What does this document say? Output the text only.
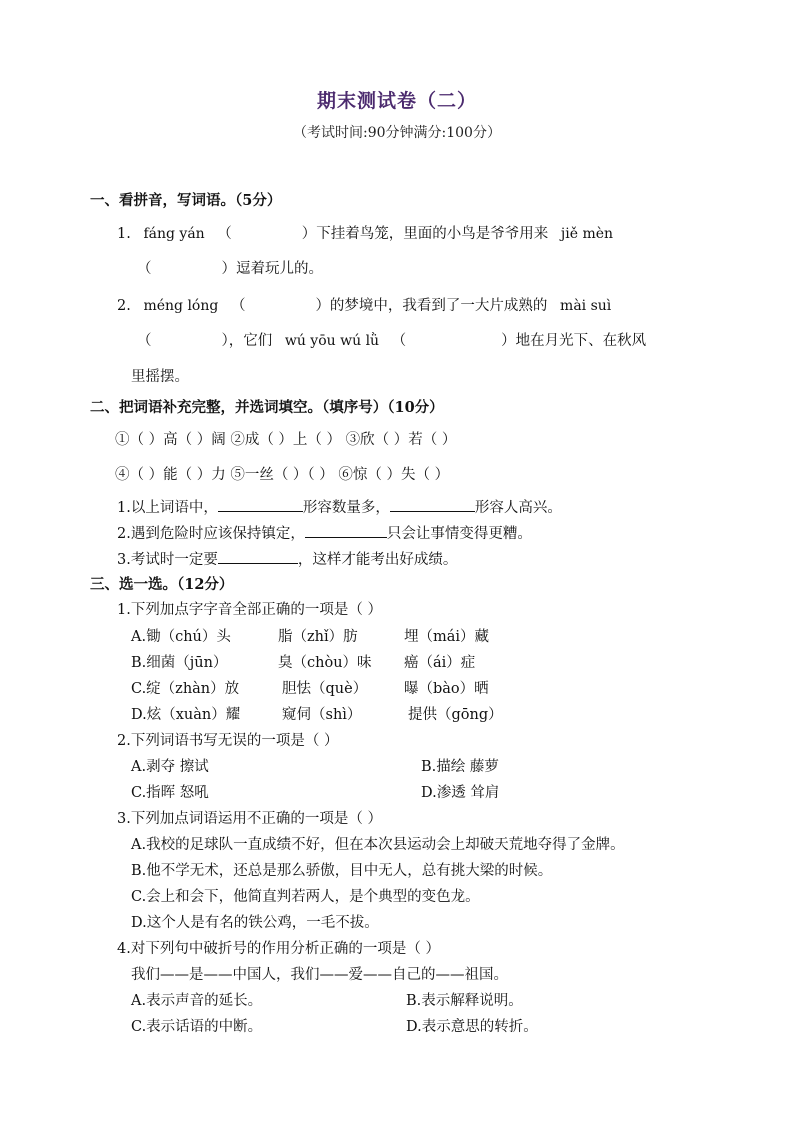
期末测试卷（二）
（考试时间:90分钟满分:100分）
一、看拼音，写词语。（5分）
1. fáng yán （	）下挂着鸟笼，里面的小鸟是爷爷用来 jiě mèn
（	）逗着玩儿的。
2. méng lóng （	）的梦境中，我看到了一大片成熟的 mài suì
（	），它们 wú yōu wú lǜ （	）地在月光下、在秋风
里摇摆。
二、把词语补充完整，并选词填空。（填序号）（10分）
①（ ）高（ ）阔 ②成（ ）上（ ） ③欣（ ）若（ ）
④（ ）能（ ）力 ⑤一丝（ ）（ ） ⑥惊（ ）失（ ）
1.以上词语中，	形容数量多，	形容人高兴。
2.遇到危险时应该保持镇定，	只会让事情变得更糟。
3.考试时一定要	，这样才能考出好成绩。
三、选一选。（12分）
1.下列加点字字音全部正确的一项是（ ）
A.锄（chú）头	脂（zhǐ）肪	埋（mái）藏
B.细菌（jūn）	臭（chòu）味 癌（ái）症
C.绽（zhàn）放	胆怯（què）	曝（bào）晒
D.炫（xuàn）耀	窥伺（shì）	提供（gōng）
2.下列词语书写无误的一项是（ ）
A.剥夺 擦试	B.描绘 藤萝
C.指晖 怒吼	D.渗透 耸肩
3.下列加点词语运用不正确的一项是（ ）
A.我校的足球队一直成绩不好，但在本次县运动会上却破天荒地夺得了金牌。
B.他不学无术，还总是那么骄傲，目中无人，总有挑大梁的时候。
C.会上和会下，他简直判若两人，是个典型的变色龙。
D.这个人是有名的铁公鸡，一毛不拔。
4.对下列句中破折号的作用分析正确的一项是（ ）
我们——是——中国人，我们——爱——自己的——祖国。
A.表示声音的延长。	B.表示解释说明。
C.表示话语的中断。	D.表示意思的转折。
